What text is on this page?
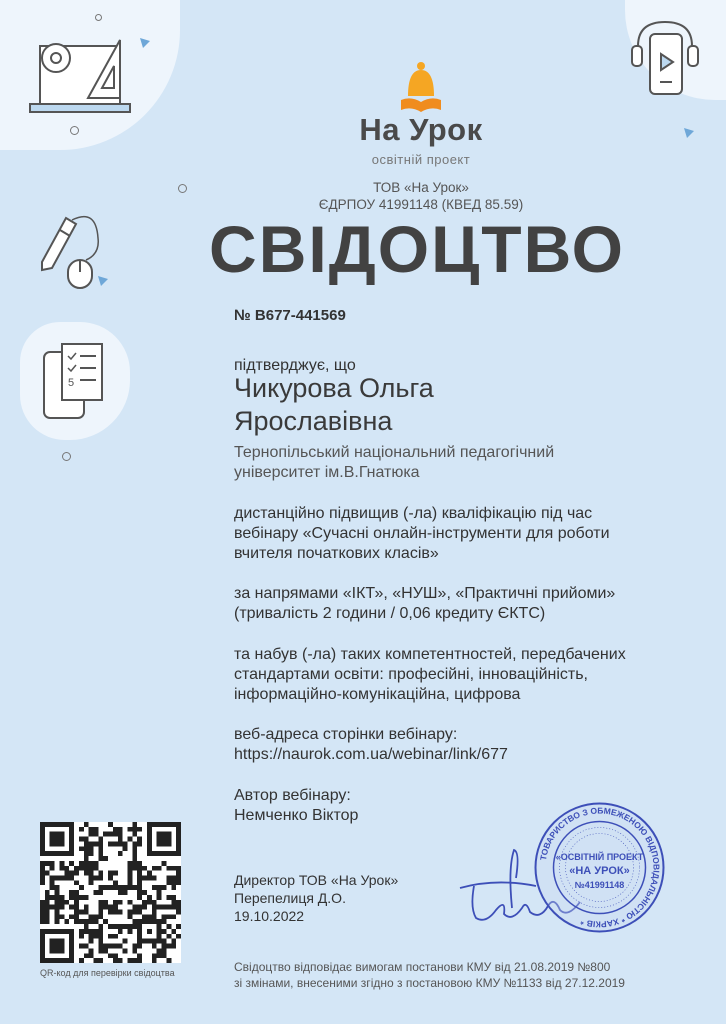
5
На Урок
освітній проект
ТОВ «На Урок»
ЄДРПОУ 41991148 (КВЕД 85.59)
СВІДОЦТВО
№ B677-441569
підтверджує, що
Чикурова Ольга
Ярославівна
Тернопільський національний педагогічний
університет ім.В.Гнатюка
дистанційно підвищив (-ла) кваліфікацію під час
вебінару «Сучасні онлайн-інструменти для роботи
вчителя початкових класів»
за напрямами «ІКТ», «НУШ», «Практичні прийоми»
(тривалість 2 години / 0,06 кредиту ЄКТС)
та набув (-ла) таких компетентностей, передбачених
стандартами освіти: професійні, інноваційність,
інформаційно-комунікаційна, цифрова
веб-адреса сторінки вебінару:
https://naurok.com.ua/webinar/link/677
Автор вебінару:
Немченко Віктор
Директор ТОВ «На Урок»
Перепелиця Д.О.
19.10.2022
Свідоцтво відповідає вимогам постанови КМУ від 21.08.2019 №800
зі змінами, внесеними згідно з постановою КМУ №1133 від 27.12.2019
QR-код для перевірки свідоцтва
ТОВАРИСТВО З ОБМЕЖЕНОЮ ВІДПОВІДАЛЬНІСТЮ * ХАРКІВ *
«ОСВІТНІЙ ПРОЕКТ
«НА УРОК»
№41991148
